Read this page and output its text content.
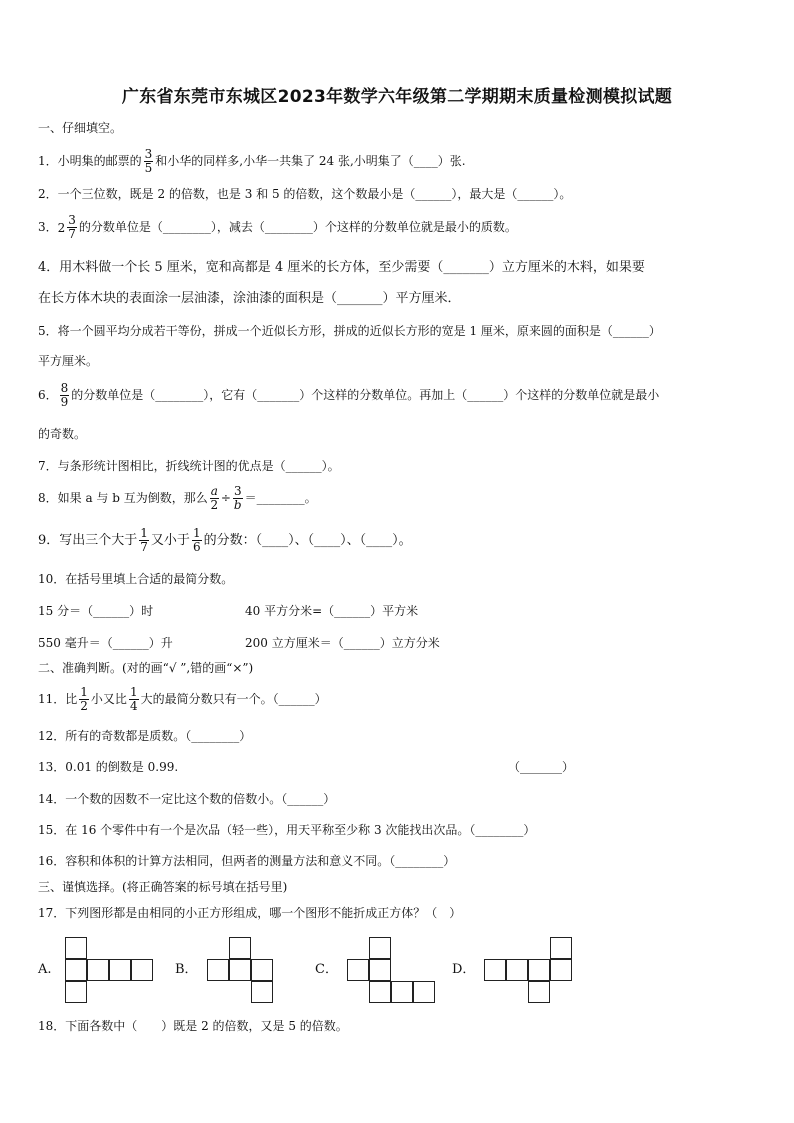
广东省东莞市东城区2023年数学六年级第二学期期末质量检测模拟试题
一、仔细填空。
1．小明集的邮票的 $\frac{3}{5}$ 和小华的同样多,小华一共集了 24 张,小明集了（____）张.
2．一个三位数，既是 2 的倍数，也是 3 和 5 的倍数，这个数最小是（______），最大是（______）。
3．$2 \frac{3}{7}$ 的分数单位是（________），减去（________）个这样的分数单位就是最小的质数。
4．用木料做一个长 5 厘米，宽和高都是 4 厘米的长方体，至少需要（_______）立方厘米的木料，如果要
在长方体木块的表面涂一层油漆，涂油漆的面积是（_______）平方厘米．
5．将一个圆平均分成若干等份，拼成一个近似长方形，拼成的近似长方形的宽是 1 厘米，原来圆的面积是（______）
平方厘米。
6． $\frac{8}{9}$ 的分数单位是（________），它有（_______）个这样的分数单位。再加上（______）个这样的分数单位就是最小
的奇数。
7．与条形统计图相比，折线统计图的优点是（______）。
8．如果 a 与 b 互为倒数，那么 $\frac{a}{2} \div \frac{3}{b}$ ＝________。
9．写出三个大于 $\frac{1}{7}$ 又小于 $\frac{1}{6}$ 的分数：（____）、（____）、（____）。
10．在括号里填上合适的最简分数。
15 分＝（______）时	40 平方分米=（______）平方米
550 毫升＝（______）升	200 立方厘米＝（______）立方分米
二、准确判断。(对的画“√ ”,错的画“×”)
11．比 $\frac{1}{2}$ 小又比 $\frac{1}{4}$ 大的最简分数只有一个。（______）
12．所有的奇数都是质数。（________）
13．0.01 的倒数是 0.99.	（_______）
14．一个数的因数不一定比这个数的倍数小。（______）
15．在 16 个零件中有一个是次品（轻一些），用天平称至少称 3 次能找出次品。（________）
16．容积和体积的计算方法相同，但两者的测量方法和意义不同。（________）
三、谨慎选择。(将正确答案的标号填在括号里)
17．下列图形都是由相同的小正方形组成，哪一个图形不能折成正方体？（　）
A.	B．	C．	D．
18．下面各数中（　　）既是 2 的倍数，又是 5 的倍数。
